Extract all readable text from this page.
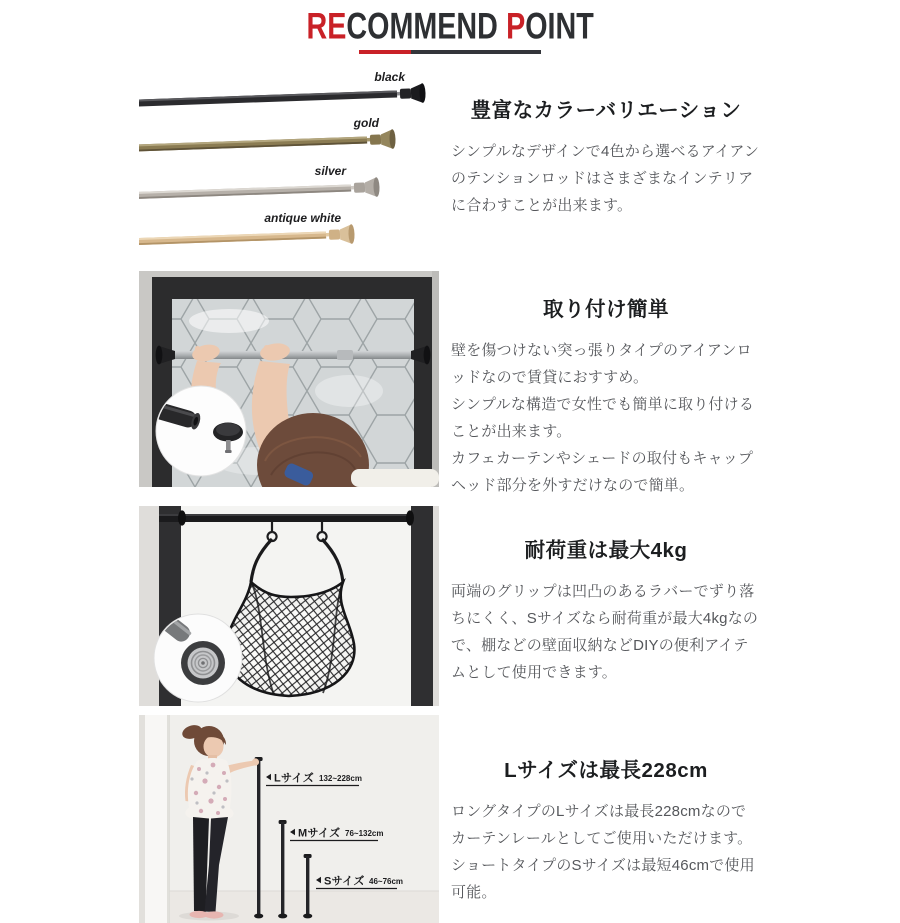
RECOMMEND POINT
black
gold
silver
antique white
豊富なカラーバリエーション

シンプルなデザインで4色から選べるアイアンのテンションロッドはさまざまなインテリアに合わすことが出来ます。

取り付け簡単

壁を傷つけない突っ張りタイプのアイアンロッドなので賃貸におすすめ。

シンプルな構造で女性でも簡単に取り付けることが出来ます。

カフェカーテンやシェードの取付もキャップヘッド部分を外すだけなので簡単。

耐荷重は最大4kg

両端のグリップは凹凸のあるラバーでずり落ちにくく、Sサイズなら耐荷重が最大4kgなので、棚などの壁面収納などDIYの便利アイテムとして使用できます。

Lサイズ 132~228cm
Mサイズ 76~132cm
Sサイズ 46~76cm
Lサイズは最長228cm

ロングタイプのLサイズは最長228cmなのでカーテンレールとしてご使用いただけます。

ショートタイプのSサイズは最短46cmで使用可能。
